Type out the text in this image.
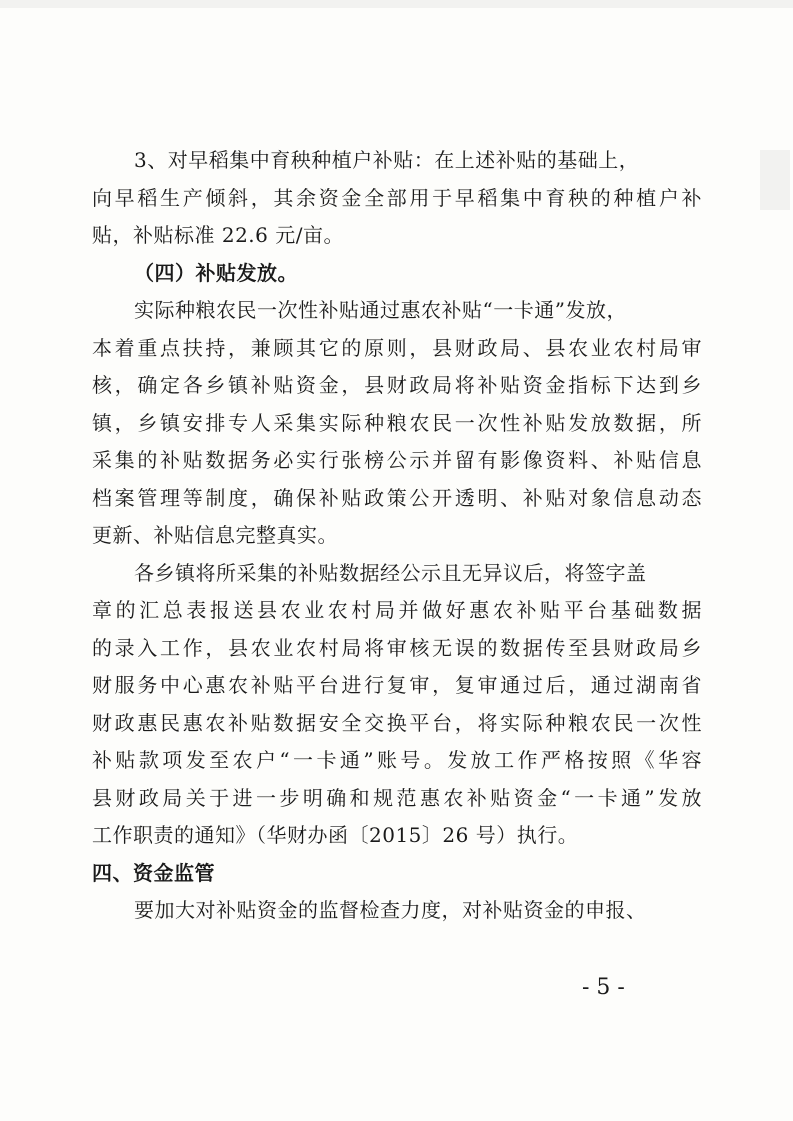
3、对早稻集中育秧种植户补贴：在上述补贴的基础上，
向早稻生产倾斜，其余资金全部用于早稻集中育秧的种植户补
贴，补贴标准 22.6 元/亩。
（四）补贴发放。
实际种粮农民一次性补贴通过惠农补贴“一卡通”发放，
本着重点扶持，兼顾其它的原则，县财政局、县农业农村局审
核，确定各乡镇补贴资金，县财政局将补贴资金指标下达到乡
镇，乡镇安排专人采集实际种粮农民一次性补贴发放数据，所
采集的补贴数据务必实行张榜公示并留有影像资料、补贴信息
档案管理等制度，确保补贴政策公开透明、补贴对象信息动态
更新、补贴信息完整真实。
各乡镇将所采集的补贴数据经公示且无异议后，将签字盖
章的汇总表报送县农业农村局并做好惠农补贴平台基础数据
的录入工作，县农业农村局将审核无误的数据传至县财政局乡
财服务中心惠农补贴平台进行复审，复审通过后，通过湖南省
财政惠民惠农补贴数据安全交换平台，将实际种粮农民一次性
补贴款项发至农户“一卡通”账号。发放工作严格按照《华容
县财政局关于进一步明确和规范惠农补贴资金“一卡通”发放
工作职责的通知》（华财办函〔2015〕26 号）执行。
四、资金监管
要加大对补贴资金的监督检查力度，对补贴资金的申报、
- 5 -
